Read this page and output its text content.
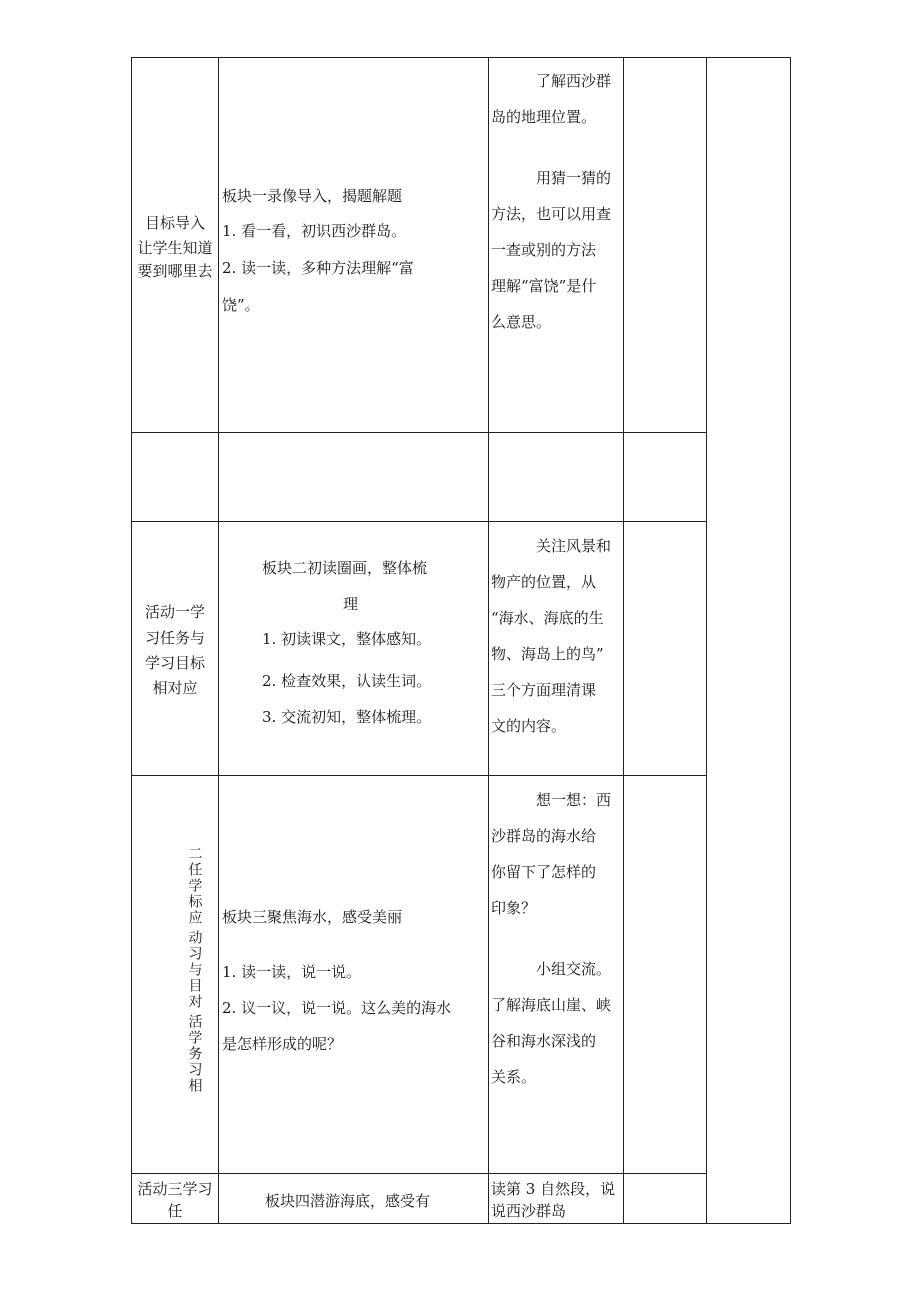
目标导入
让学生知道
要到哪里去
板块一录像导入，揭题解题
1. 看一看，初识西沙群岛。
2. 读一读，多种方法理解“富
饶”。
了解西沙群
岛的地理位置。
用猜一猜的
方法，也可以用查
一查或别的方法
理解“富饶”是什
么意思。
活动一学
习任务与
学习目标
相对应
板块二初读圈画，整体梳
理
1. 初读课文，整体感知。
2. 检查效果，认读生词。
3. 交流初知，整体梳理。
关注风景和
物产的位置，从
“海水、海底的生
物、海岛上的鸟”
三个方面理清课
文的内容。
二任学标应
动习与目对
活学务习相
板块三聚焦海水，感受美丽
1. 读一读，说一说。
2. 议一议，说一说。这么美的海水
是怎样形成的呢？
想一想：西
沙群岛的海水给
你留下了怎样的
印象？
小组交流。
了解海底山崖、峡
谷和海水深浅的
关系。
活动三学习
任
板块四潜游海底，感受有
读第 3 自然段，说
说西沙群岛
